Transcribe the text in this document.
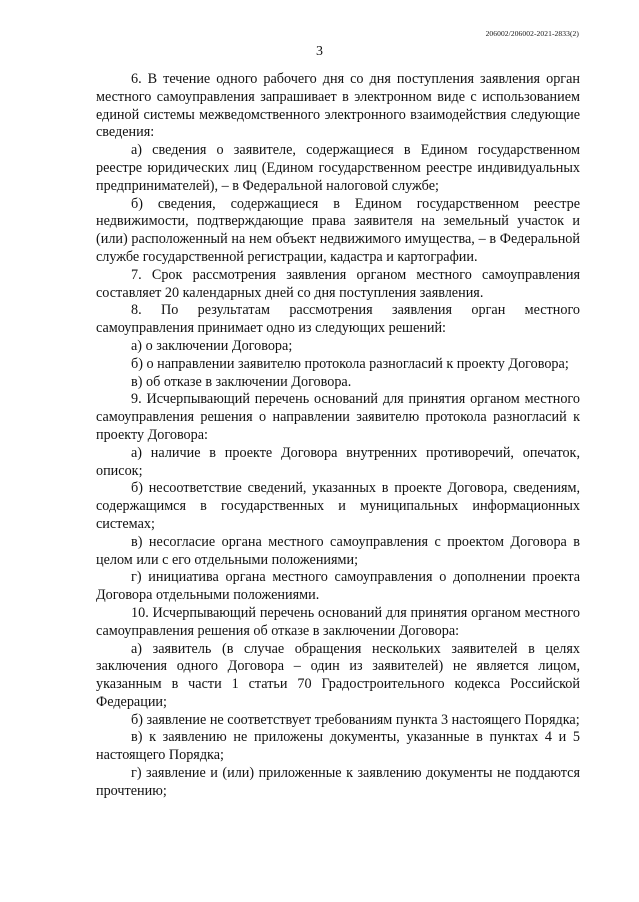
206002/206002-2021-2833(2)
3

6. В течение одного рабочего дня со дня поступления заявления орган местного самоуправления запрашивает в электронном виде с использованием единой системы межведомственного электронного взаимодействия следующие сведения:

а) сведения о заявителе, содержащиеся в Едином государственном реестре юридических лиц (Едином государственном реестре индивидуальных предпринимателей), – в Федеральной налоговой службе;

б) сведения, содержащиеся в Едином государственном реестре недвижимости, подтверждающие права заявителя на земельный участок и (или) расположенный на нем объект недвижимого имущества, – в Федеральной службе государственной регистрации, кадастра и картографии.

7. Срок рассмотрения заявления органом местного самоуправления составляет 20 календарных дней со дня поступления заявления.

8. По результатам рассмотрения заявления орган местного самоуправления принимает одно из следующих решений:

а) о заключении Договора;

б) о направлении заявителю протокола разногласий к проекту Договора;

в) об отказе в заключении Договора.

9. Исчерпывающий перечень оснований для принятия органом местного самоуправления решения о направлении заявителю протокола разногласий к проекту Договора:

а) наличие в проекте Договора внутренних противоречий, опечаток, описок;

б) несоответствие сведений, указанных в проекте Договора, сведениям, содержащимся в государственных и муниципальных информационных системах;

в) несогласие органа местного самоуправления с проектом Договора в целом или с его отдельными положениями;

г) инициатива органа местного самоуправления о дополнении проекта Договора отдельными положениями.

10. Исчерпывающий перечень оснований для принятия органом местного самоуправления решения об отказе в заключении Договора:

а) заявитель (в случае обращения нескольких заявителей в целях заключения одного Договора – один из заявителей) не является лицом, указанным в части 1 статьи 70 Градостроительного кодекса Российской Федерации;

б) заявление не соответствует требованиям пункта 3 настоящего Порядка;

в) к заявлению не приложены документы, указанные в пунктах 4 и 5 настоящего Порядка;

г) заявление и (или) приложенные к заявлению документы не поддаются прочтению;
